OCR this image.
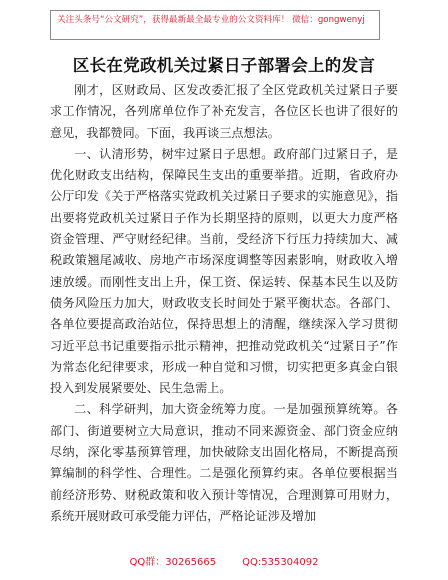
关注头条号“公文研究”，获得最新最全最专业的公文资料库！ 微信：gongwenyj
区长在党政机关过紧日子部署会上的发言

刚才，区财政局、区发改委汇报了全区党政机关过紧日子要求工作情况，各列席单位作了补充发言，各位区长也讲了很好的意见，我都赞同。下面，我再谈三点想法。

一、认清形势，树牢过紧日子思想。政府部门过紧日子，是优化财政支出结构，保障民生支出的重要举措。近期，省政府办公厅印发《关于严格落实党政机关过紧日子要求的实施意见》，指出要将党政机关过紧日子作为长期坚持的原则，以更大力度严格资金管理、严守财经纪律。当前，受经济下行压力持续加大、减税政策翘尾减收、房地产市场深度调整等因素影响，财政收入增速放缓。而刚性支出上升，保工资、保运转、保基本民生以及防债务风险压力加大，财政收支长时间处于紧平衡状态。各部门、各单位要提高政治站位，保持思想上的清醒，继续深入学习贯彻习近平总书记重要指示批示精神，把推动党政机关“过紧日子”作为常态化纪律要求，形成一种自觉和习惯，切实把更多真金白银投入到发展紧要处、民生急需上。

二、科学研判，加大资金统筹力度。一是加强预算统筹。各部门、街道要树立大局意识，推动不同来源资金、部门资金应纳尽纳，深化零基预算管理，加快破除支出固化格局，不断提高预算编制的科学性、合理性。二是强化预算约束。各单位要根据当前经济形势、财税政策和收入预计等情况，合理测算可用财力，系统开展财政可承受能力评估，严格论证涉及增加

QQ群：30265665	QQ:535304092
